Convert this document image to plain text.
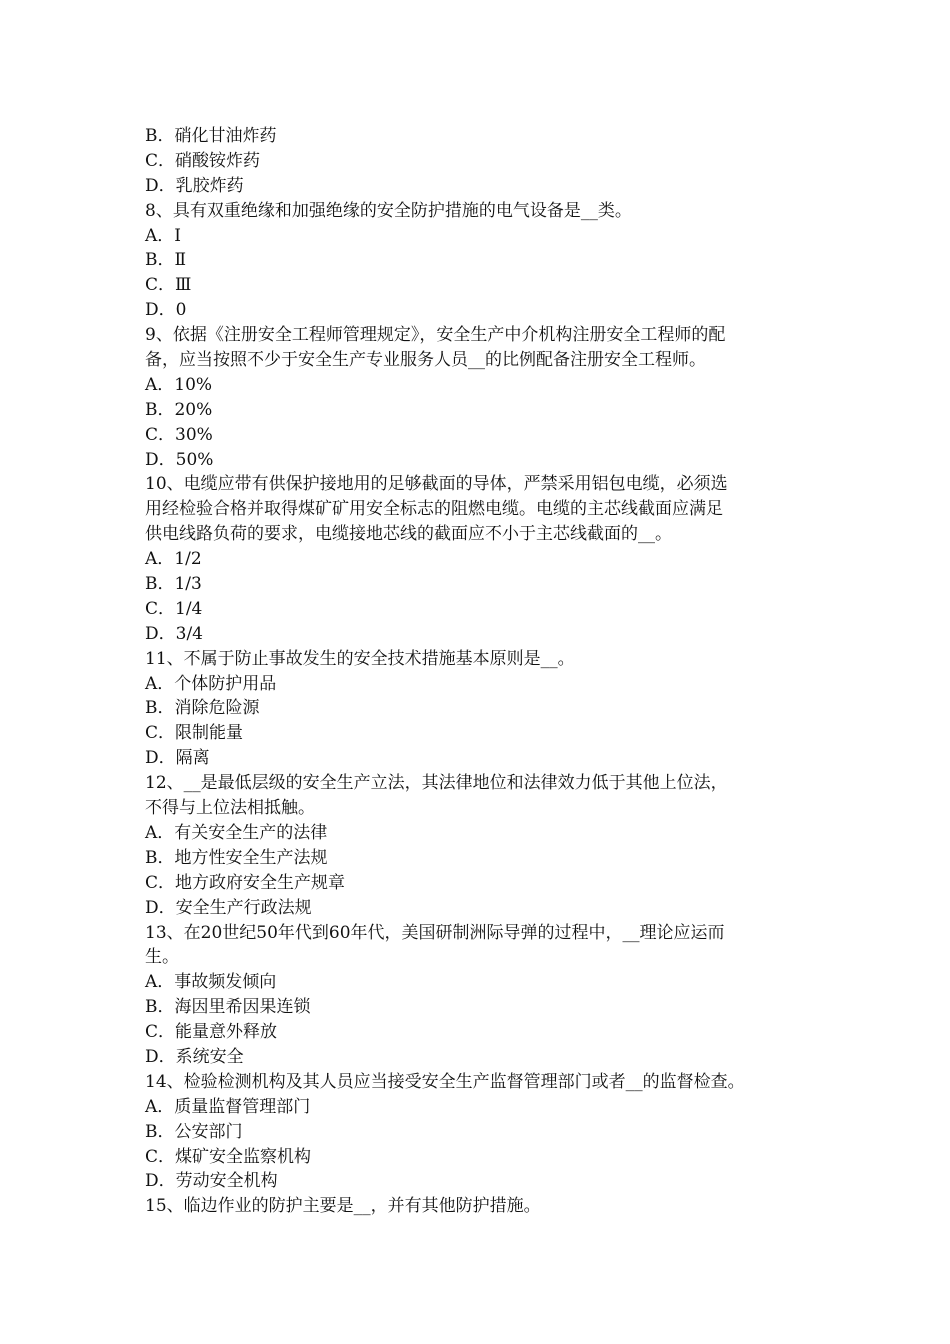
B．硝化甘油炸药

C．硝酸铵炸药

D．乳胶炸药

8、具有双重绝缘和加强绝缘的安全防护措施的电气设备是__类。

A．Ⅰ

B．Ⅱ

C．Ⅲ

D．0

9、依据《注册安全工程师管理规定》，安全生产中介机构注册安全工程师的配

备，应当按照不少于安全生产专业服务人员__的比例配备注册安全工程师。

A．10%

B．20%

C．30%

D．50%

10、电缆应带有供保护接地用的足够截面的导体，严禁采用铝包电缆，必须选

用经检验合格并取得煤矿矿用安全标志的阻燃电缆。电缆的主芯线截面应满足

供电线路负荷的要求，电缆接地芯线的截面应不小于主芯线截面的__。

A．1/2

B．1/3

C．1/4

D．3/4

11、不属于防止事故发生的安全技术措施基本原则是__。

A．个体防护用品

B．消除危险源

C．限制能量

D．隔离

12、__是最低层级的安全生产立法，其法律地位和法律效力低于其他上位法，

不得与上位法相抵触。

A．有关安全生产的法律

B．地方性安全生产法规

C．地方政府安全生产规章

D．安全生产行政法规

13、在20世纪50年代到60年代，美国研制洲际导弹的过程中，__理论应运而

生。

A．事故频发倾向

B．海因里希因果连锁

C．能量意外释放

D．系统安全

14、检验检测机构及其人员应当接受安全生产监督管理部门或者__的监督检查。

A．质量监督管理部门

B．公安部门

C．煤矿安全监察机构

D．劳动安全机构

15、临边作业的防护主要是__，并有其他防护措施。
